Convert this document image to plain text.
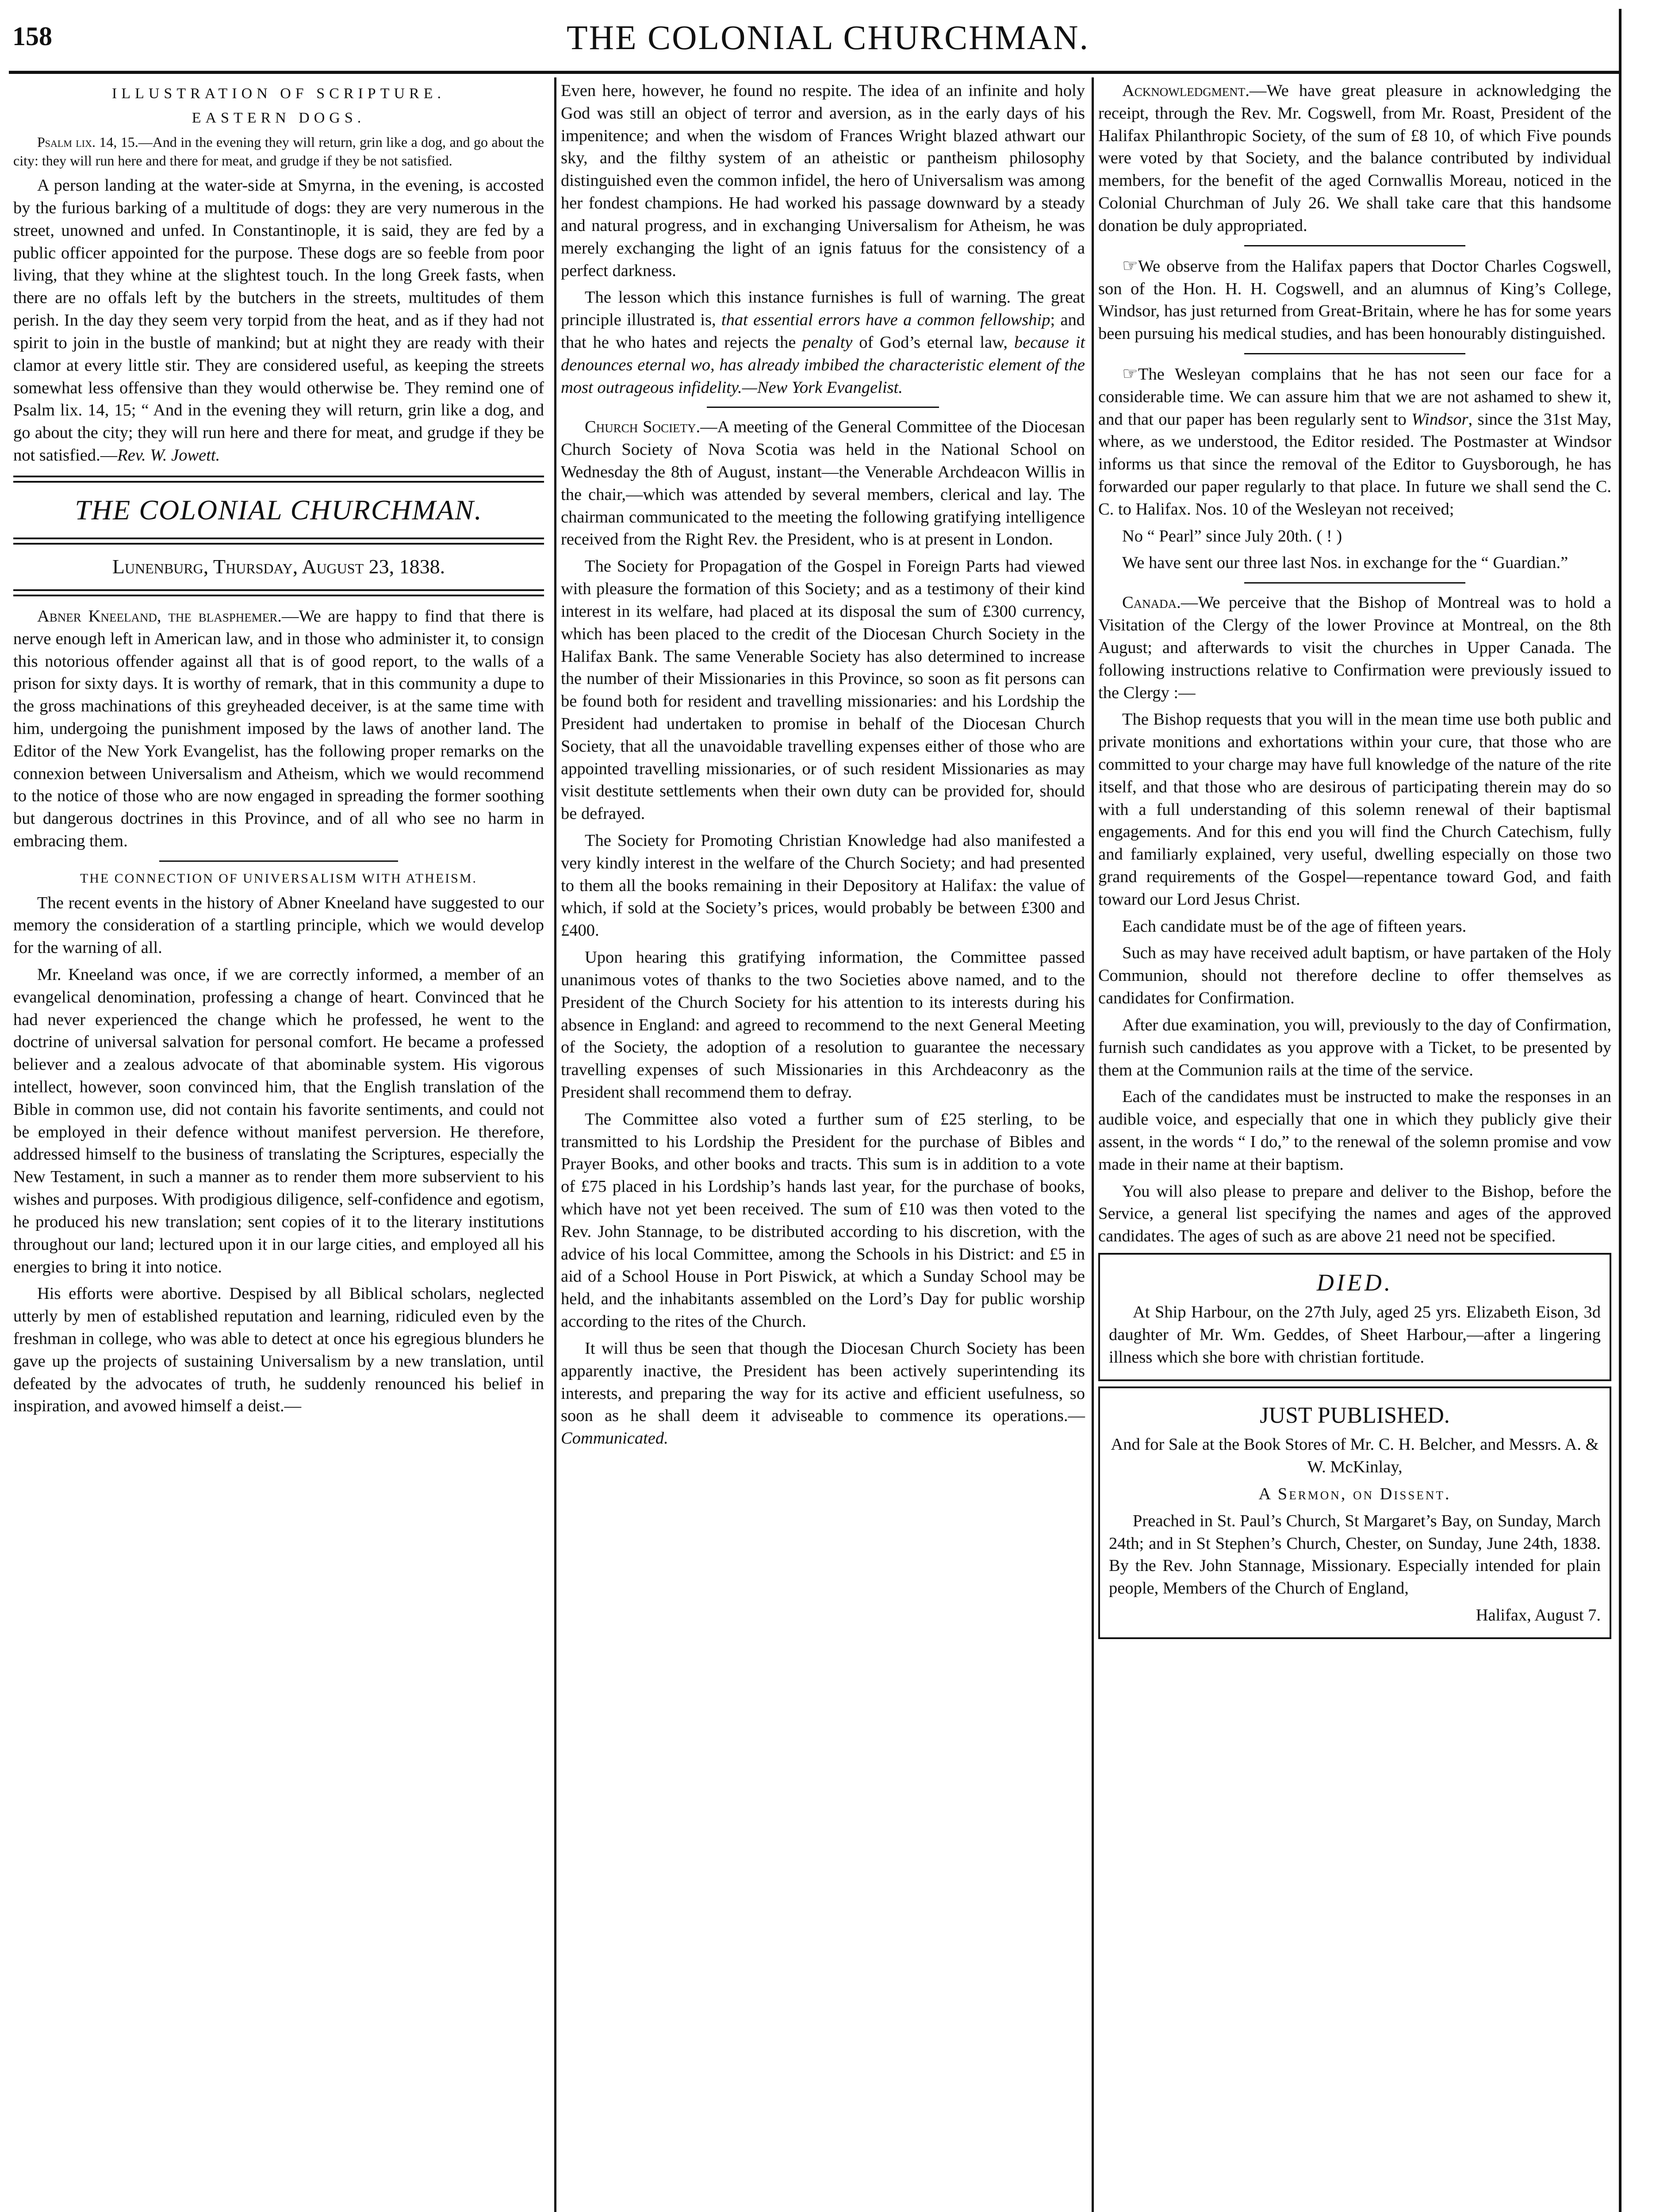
158	THE COLONIAL CHURCHMAN.

ILLUSTRATION OF SCRIPTURE.

EASTERN DOGS.

Psalm lix. 14, 15.—And in the evening they will return, grin like a dog, and go about the city: they will run here and there for meat, and grudge if they be not satisfied.

A person landing at the water-side at Smyrna, in the evening, is accosted by the furious barking of a multitude of dogs: they are very numerous in the street, unowned and unfed. In Constantinople, it is said, they are fed by a public officer appointed for the purpose. These dogs are so feeble from poor living, that they whine at the slightest touch. In the long Greek fasts, when there are no offals left by the butchers in the streets, multitudes of them perish. In the day they seem very torpid from the heat, and as if they had not spirit to join in the bustle of mankind; but at night they are ready with their clamor at every little stir. They are considered useful, as keeping the streets somewhat less offensive than they would otherwise be. They remind one of Psalm lix. 14, 15; “ And in the evening they will return, grin like a dog, and go about the city; they will run here and there for meat, and grudge if they be not satisfied.—Rev. W. Jowett.

THE COLONIAL CHURCHMAN.
Lunenburg, Thursday, August 23, 1838.

Abner Kneeland, the blasphemer.—We are happy to find that there is nerve enough left in American law, and in those who administer it, to consign this notorious offender against all that is of good report, to the walls of a prison for sixty days. It is worthy of remark, that in this community a dupe to the gross machinations of this greyheaded deceiver, is at the same time with him, undergoing the punishment imposed by the laws of another land. The Editor of the New York Evangelist, has the following proper remarks on the connexion between Universalism and Atheism, which we would recommend to the notice of those who are now engaged in spreading the former soothing but dangerous doctrines in this Province, and of all who see no harm in embracing them.

THE CONNECTION OF UNIVERSALISM WITH ATHEISM.

The recent events in the history of Abner Kneeland have suggested to our memory the consideration of a startling principle, which we would develop for the warning of all.

Mr. Kneeland was once, if we are correctly informed, a member of an evangelical denomination, professing a change of heart. Convinced that he had never experienced the change which he professed, he went to the doctrine of universal salvation for personal comfort. He became a professed believer and a zealous advocate of that abominable system. His vigorous intellect, however, soon convinced him, that the English translation of the Bible in common use, did not contain his favorite sentiments, and could not be employed in their defence without manifest perversion. He therefore, addressed himself to the business of translating the Scriptures, especially the New Testament, in such a manner as to render them more subservient to his wishes and purposes. With prodigious diligence, self-confidence and egotism, he produced his new translation; sent copies of it to the literary institutions throughout our land; lectured upon it in our large cities, and employed all his energies to bring it into notice.

His efforts were abortive. Despised by all Biblical scholars, neglected utterly by men of established reputation and learning, ridiculed even by the freshman in college, who was able to detect at once his egregious blunders he gave up the projects of sustaining Universalism by a new translation, until defeated by the advocates of truth, he suddenly renounced his belief in inspiration, and avowed himself a deist.—

Even here, however, he found no respite. The idea of an infinite and holy God was still an object of terror and aversion, as in the early days of his impenitence; and when the wisdom of Frances Wright blazed athwart our sky, and the filthy system of an atheistic or pantheism philosophy distinguished even the common infidel, the hero of Universalism was among her fondest champions. He had worked his passage downward by a steady and natural progress, and in exchanging Universalism for Atheism, he was merely exchanging the light of an ignis fatuus for the consistency of a perfect darkness.

The lesson which this instance furnishes is full of warning. The great principle illustrated is, that essential errors have a common fellowship; and that he who hates and rejects the penalty of God’s eternal law, because it denounces eternal wo, has already imbibed the characteristic element of the most outrageous infidelity.—New York Evangelist.

Church Society.—A meeting of the General Committee of the Diocesan Church Society of Nova Scotia was held in the National School on Wednesday the 8th of August, instant—the Venerable Archdeacon Willis in the chair,—which was attended by several members, clerical and lay. The chairman communicated to the meeting the following gratifying intelligence received from the Right Rev. the President, who is at present in London.

The Society for Propagation of the Gospel in Foreign Parts had viewed with pleasure the formation of this Society; and as a testimony of their kind interest in its welfare, had placed at its disposal the sum of £300 currency, which has been placed to the credit of the Diocesan Church Society in the Halifax Bank. The same Venerable Society has also determined to increase the number of their Missionaries in this Province, so soon as fit persons can be found both for resident and travelling missionaries: and his Lordship the President had undertaken to promise in behalf of the Diocesan Church Society, that all the unavoidable travelling expenses either of those who are appointed travelling missionaries, or of such resident Missionaries as may visit destitute settlements when their own duty can be provided for, should be defrayed.

The Society for Promoting Christian Knowledge had also manifested a very kindly interest in the welfare of the Church Society; and had presented to them all the books remaining in their Depository at Halifax: the value of which, if sold at the Society’s prices, would probably be between £300 and £400.

Upon hearing this gratifying information, the Committee passed unanimous votes of thanks to the two Societies above named, and to the President of the Church Society for his attention to its interests during his absence in England: and agreed to recommend to the next General Meeting of the Society, the adoption of a resolution to guarantee the necessary travelling expenses of such Missionaries in this Archdeaconry as the President shall recommend them to defray.

The Committee also voted a further sum of £25 sterling, to be transmitted to his Lordship the President for the purchase of Bibles and Prayer Books, and other books and tracts. This sum is in addition to a vote of £75 placed in his Lordship’s hands last year, for the purchase of books, which have not yet been received. The sum of £10 was then voted to the Rev. John Stannage, to be distributed according to his discretion, with the advice of his local Committee, among the Schools in his District: and £5 in aid of a School House in Port Piswick, at which a Sunday School may be held, and the inhabitants assembled on the Lord’s Day for public worship according to the rites of the Church.

It will thus be seen that though the Diocesan Church Society has been apparently inactive, the President has been actively superintending its interests, and preparing the way for its active and efficient usefulness, so soon as he shall deem it adviseable to commence its operations.—Communicated.

Acknowledgment.—We have great pleasure in acknowledging the receipt, through the Rev. Mr. Cogswell, from Mr. Roast, President of the Halifax Philanthropic Society, of the sum of £8 10, of which Five pounds were voted by that Society, and the balance contributed by individual members, for the benefit of the aged Cornwallis Moreau, noticed in the Colonial Churchman of July 26. We shall take care that this handsome donation be duly appropriated.

☞We observe from the Halifax papers that Doctor Charles Cogswell, son of the Hon. H. H. Cogswell, and an alumnus of King’s College, Windsor, has just returned from Great-Britain, where he has for some years been pursuing his medical studies, and has been honourably distinguished.

☞The Wesleyan complains that he has not seen our face for a considerable time. We can assure him that we are not ashamed to shew it, and that our paper has been regularly sent to Windsor, since the 31st May, where, as we understood, the Editor resided. The Postmaster at Windsor informs us that since the removal of the Editor to Guysborough, he has forwarded our paper regularly to that place. In future we shall send the C. C. to Halifax. Nos. 10 of the Wesleyan not received;

No “ Pearl” since July 20th. ( ! )

We have sent our three last Nos. in exchange for the “ Guardian.”

Canada.—We perceive that the Bishop of Montreal was to hold a Visitation of the Clergy of the lower Province at Montreal, on the 8th August; and afterwards to visit the churches in Upper Canada. The following instructions relative to Confirmation were previously issued to the Clergy :—

The Bishop requests that you will in the mean time use both public and private monitions and exhortations within your cure, that those who are committed to your charge may have full knowledge of the nature of the rite itself, and that those who are desirous of participating therein may do so with a full understanding of this solemn renewal of their baptismal engagements. And for this end you will find the Church Catechism, fully and familiarly explained, very useful, dwelling especially on those two grand requirements of the Gospel—repentance toward God, and faith toward our Lord Jesus Christ.

Each candidate must be of the age of fifteen years.

Such as may have received adult baptism, or have partaken of the Holy Communion, should not therefore decline to offer themselves as candidates for Confirmation.

After due examination, you will, previously to the day of Confirmation, furnish such candidates as you approve with a Ticket, to be presented by them at the Communion rails at the time of the service.

Each of the candidates must be instructed to make the responses in an audible voice, and especially that one in which they publicly give their assent, in the words “ I do,” to the renewal of the solemn promise and vow made in their name at their baptism.

You will also please to prepare and deliver to the Bishop, before the Service, a general list specifying the names and ages of the approved candidates. The ages of such as are above 21 need not be specified.

DIED.

At Ship Harbour, on the 27th July, aged 25 yrs. Elizabeth Eison, 3d daughter of Mr. Wm. Geddes, of Sheet Harbour,—after a lingering illness which she bore with christian fortitude.

JUST PUBLISHED.

And for Sale at the Book Stores of Mr. C. H. Belcher, and Messrs. A. & W. McKinlay,

A Sermon, on Dissent.

Preached in St. Paul’s Church, St Margaret’s Bay, on Sunday, March 24th; and in St Stephen’s Church, Chester, on Sunday, June 24th, 1838. By the Rev. John Stannage, Missionary. Especially intended for plain people, Members of the Church of England,

Halifax, August 7.
